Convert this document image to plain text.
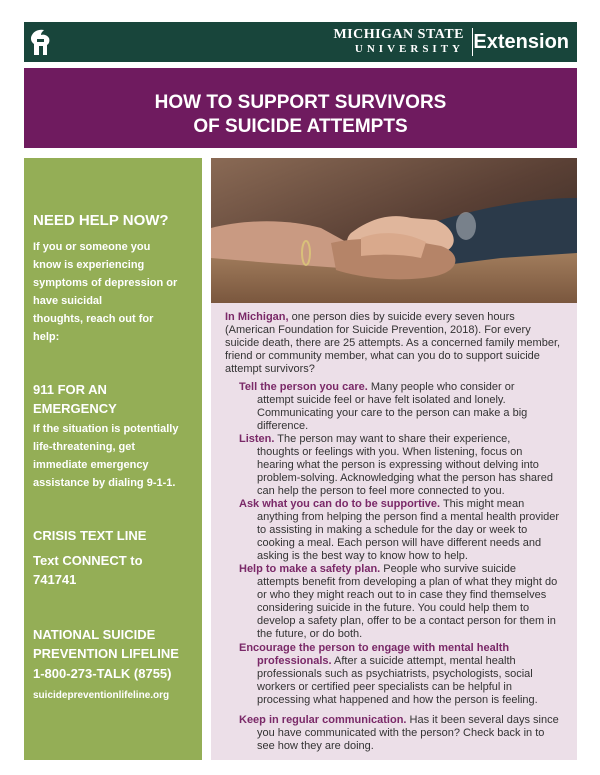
MICHIGAN STATE
UNIVERSITY Extension
HOW TO SUPPORT SURVIVORS
OF SUICIDE ATTEMPTS
NEED HELP NOW?
If you or someone you
know is experiencing
symptoms of depression or
have suicidal
thoughts, reach out for
help:
911 FOR AN
EMERGENCY
If the situation is potentially
life-threatening, get
immediate emergency
assistance by dialing 9-1-1.
CRISIS TEXT LINE
Text CONNECT to
741741
NATIONAL SUICIDE
PREVENTION LIFELINE
1-800-273-TALK (8755)
suicidepreventionlifeline.org
In Michigan, one person dies by suicide every seven hours
(American Foundation for Suicide Prevention, 2018). For every
suicide death, there are 25 attempts. As a concerned family member,
friend or community member, what can you do to support suicide
attempt survivors?
Tell the person you care. Many people who consider or
attempt suicide feel or have felt isolated and lonely.
Communicating your care to the person can make a big
difference.
Listen. The person may want to share their experience,
thoughts or feelings with you. When listening, focus on
hearing what the person is expressing without delving into
problem-solving. Acknowledging what the person has shared
can help the person to feel more connected to you.
Ask what you can do to be supportive. This might mean
anything from helping the person find a mental health provider
to assisting in making a schedule for the day or week to
cooking a meal. Each person will have different needs and
asking is the best way to know how to help.
Help to make a safety plan. People who survive suicide
attempts benefit from developing a plan of what they might do
or who they might reach out to in case they find themselves
considering suicide in the future. You could help them to
develop a safety plan, offer to be a contact person for them in
the future, or do both.
Encourage the person to engage with mental health
professionals. After a suicide attempt, mental health
professionals such as psychiatrists, psychologists, social
workers or certified peer specialists can be helpful in
processing what happened and how the person is feeling.
Keep in regular communication. Has it been several days since
you have communicated with the person? Check back in to
see how they are doing.
